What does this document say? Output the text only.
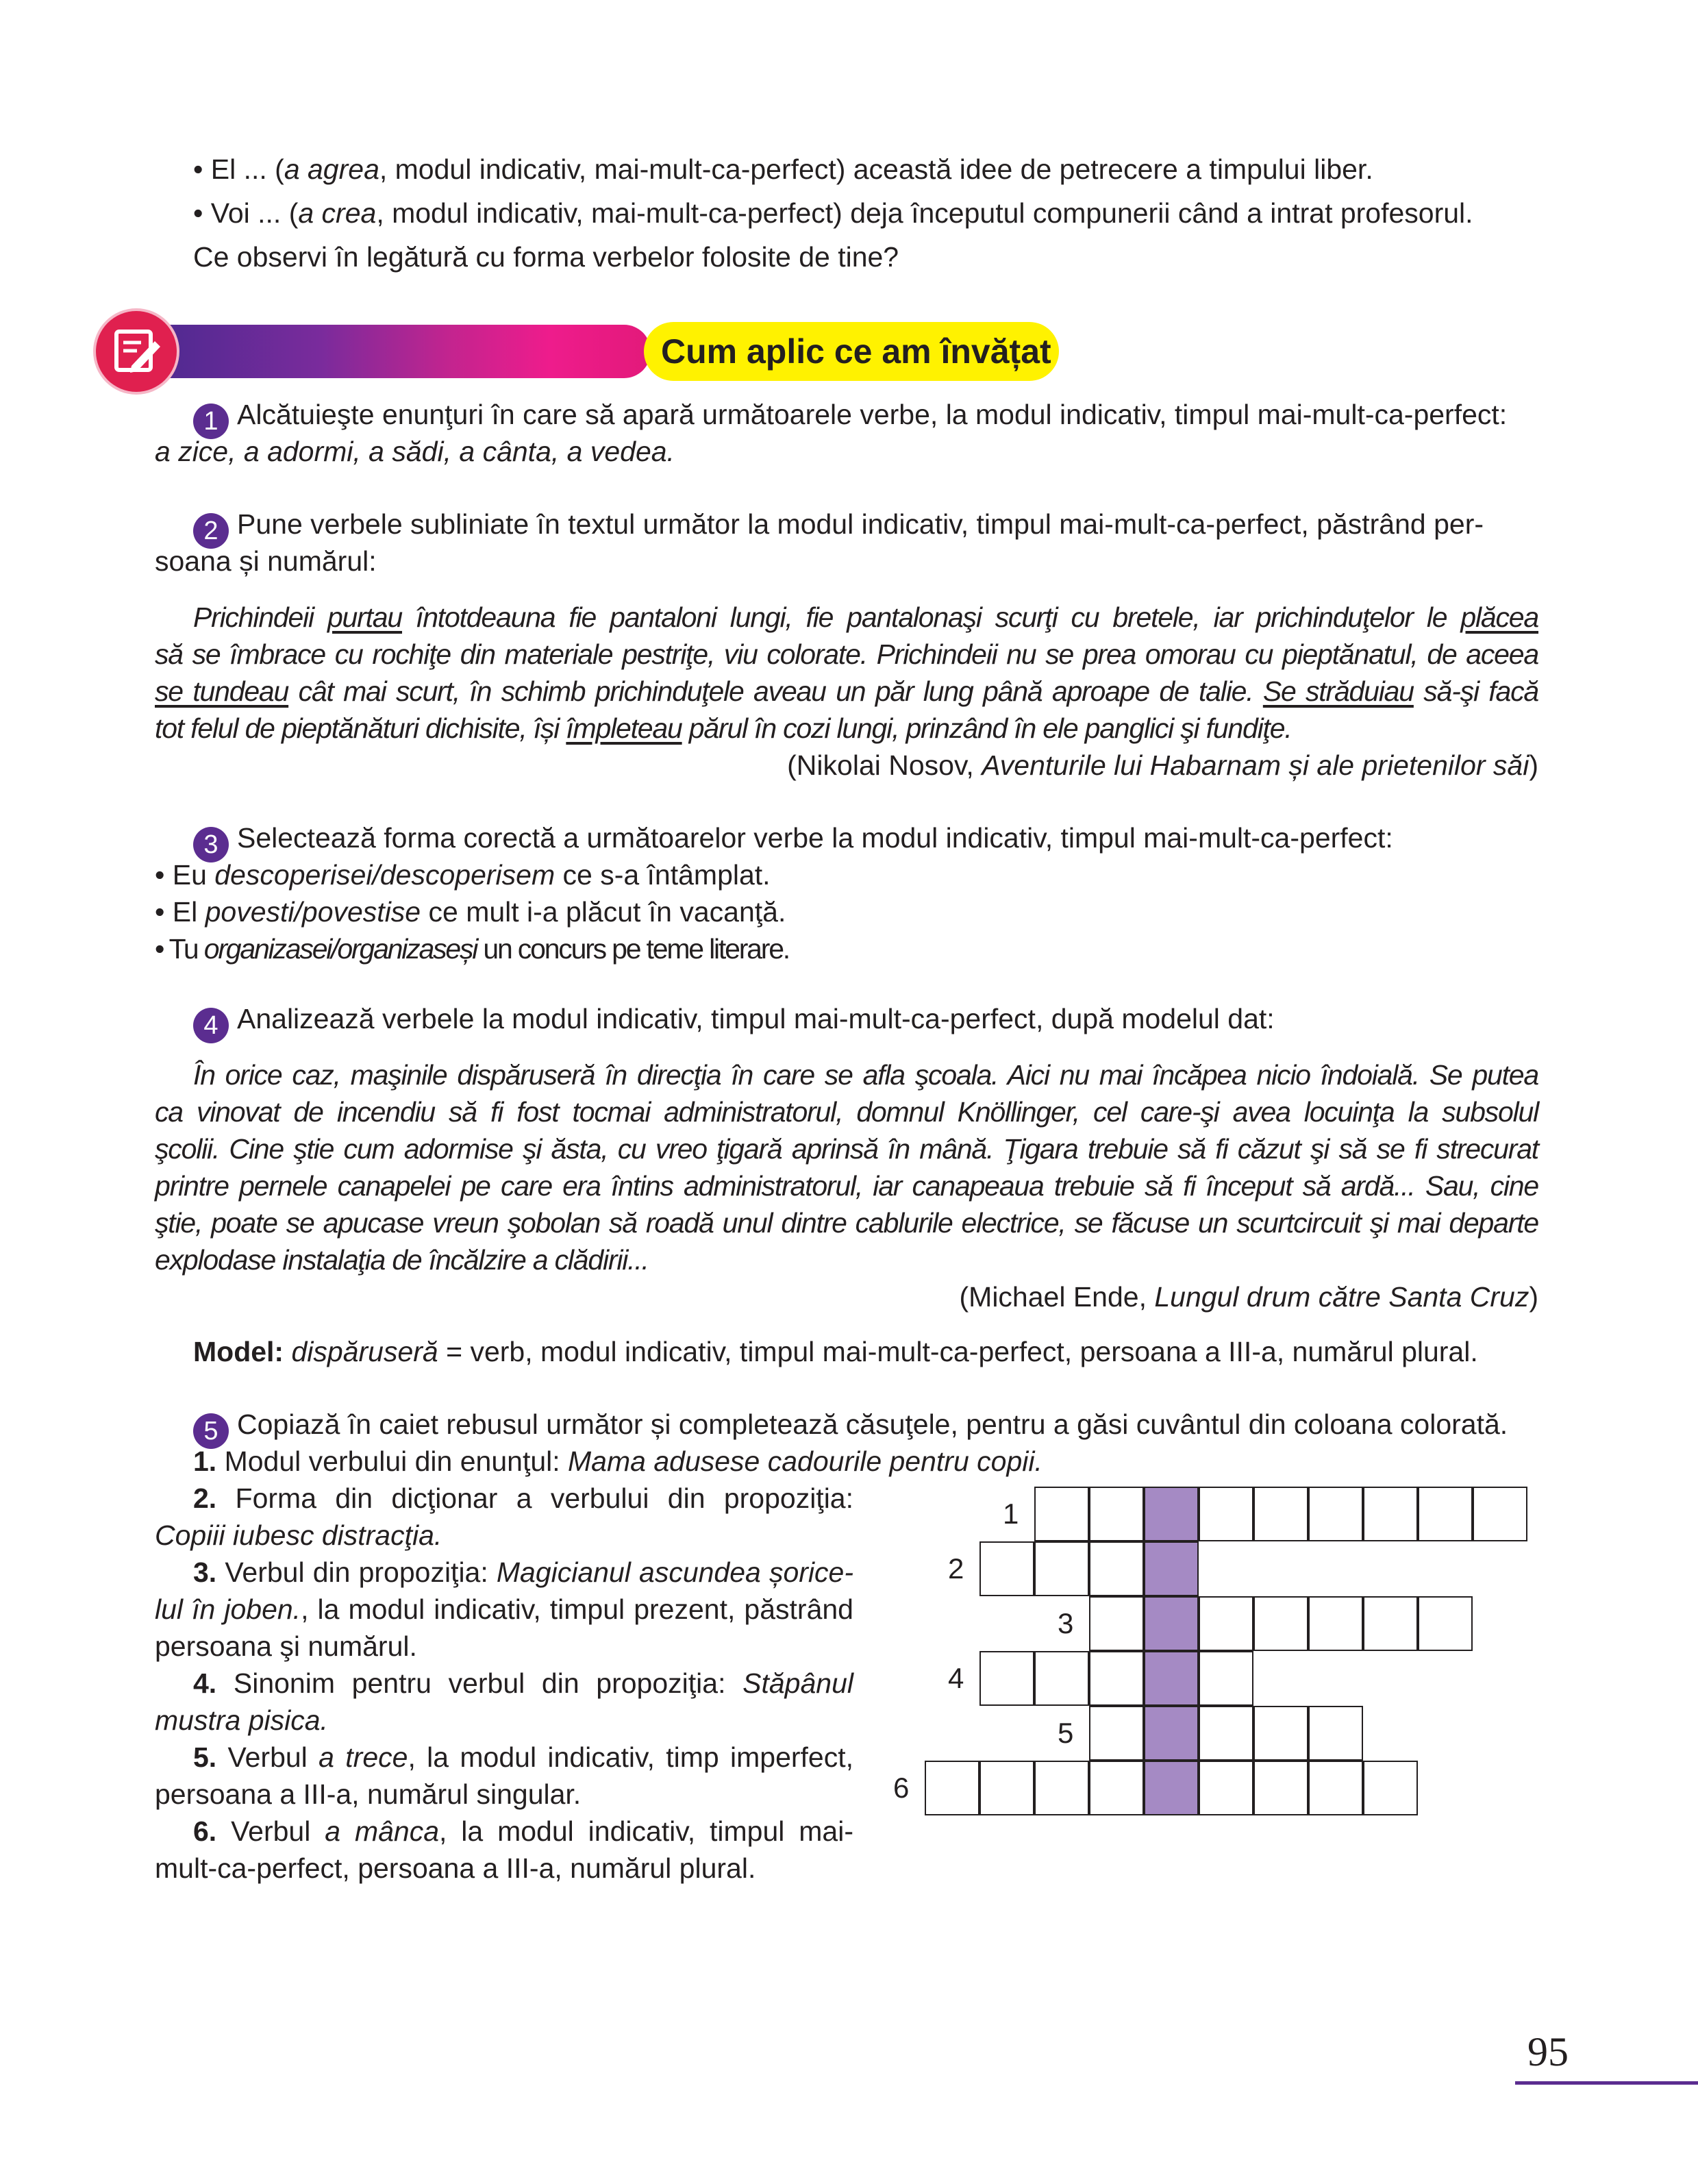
• El ... (a agrea, modul indicativ, mai-mult-ca-perfect) această idee de petrecere a timpului liber.
• Voi ... (a crea, modul indicativ, mai-mult-ca-perfect) deja începutul compunerii când a intrat profesorul.
Ce observi în legătură cu forma verbelor folosite de tine?
Cum aplic ce am învățat
1 Alcătuieşte enunţuri în care să apară următoarele verbe, la modul indicativ, timpul mai-mult-ca-perfect:
a zice, a adormi, a sădi, a cânta, a vedea.
2 Pune verbele subliniate în textul următor la modul indicativ, timpul mai-mult-ca-perfect, păstrând per-
soana și numărul:
Prichindeii purtau întotdeauna fie pantaloni lungi, fie pantalonaşi scurţi cu bretele, iar prichinduţelor le plăcea
să se îmbrace cu rochiţe din materiale pestriţe, viu colorate. Prichindeii nu se prea omorau cu pieptănatul, de aceea
se tundeau cât mai scurt, în schimb prichinduţele aveau un păr lung până aproape de talie. Se străduiau să-şi facă
tot felul de pieptănături dichisite, își împleteau părul în cozi lungi, prinzând în ele panglici şi fundiţe.
(Nikolai Nosov, Aventurile lui Habarnam și ale prietenilor săi)
3 Selectează forma corectă a următoarelor verbe la modul indicativ, timpul mai-mult-ca-perfect:
• Eu descoperisei/descoperisem ce s-a întâmplat.
• El povesti/povestise ce mult i-a plăcut în vacanţă.
• Tu organizasei/organizaseși un concurs pe teme literare.
4 Analizează verbele la modul indicativ, timpul mai-mult-ca-perfect, după modelul dat:
În orice caz, maşinile dispăruseră în direcţia în care se afla şcoala. Aici nu mai încăpea nicio îndoială. Se putea
ca vinovat de incendiu să fi fost tocmai administratorul, domnul Knöllinger, cel care-şi avea locuinţa la subsolul
şcolii. Cine ştie cum adormise şi ăsta, cu vreo ţigară aprinsă în mână. Ţigara trebuie să fi căzut şi să se fi strecurat
printre pernele canapelei pe care era întins administratorul, iar canapeaua trebuie să fi început să ardă... Sau, cine
ştie, poate se apucase vreun şobolan să roadă unul dintre cablurile electrice, se făcuse un scurtcircuit şi mai departe
explodase instalaţia de încălzire a clădirii...
(Michael Ende, Lungul drum către Santa Cruz)
Model: dispăruseră = verb, modul indicativ, timpul mai-mult-ca-perfect, persoana a III-a, numărul plural.
5 Copiază în caiet rebusul următor și completează căsuţele, pentru a găsi cuvântul din coloana colorată.
1. Modul verbului din enunţul: Mama adusese cadourile pentru copii.
2. Forma din dicţionar a verbului din propoziţia:
Copiii iubesc distracţia.
3. Verbul din propoziţia: Magicianul ascundea șorice-
lul în joben., la modul indicativ, timpul prezent, păstrând
persoana şi numărul.
4. Sinonim pentru verbul din propoziţia: Stăpânul
mustra pisica.
5. Verbul a trece, la modul indicativ, timp imperfect,
persoana a III-a, numărul singular.
6. Verbul a mânca, la modul indicativ, timpul mai-
mult-ca-perfect, persoana a III-a, numărul plural.
1
2
3
4
5
6
95
